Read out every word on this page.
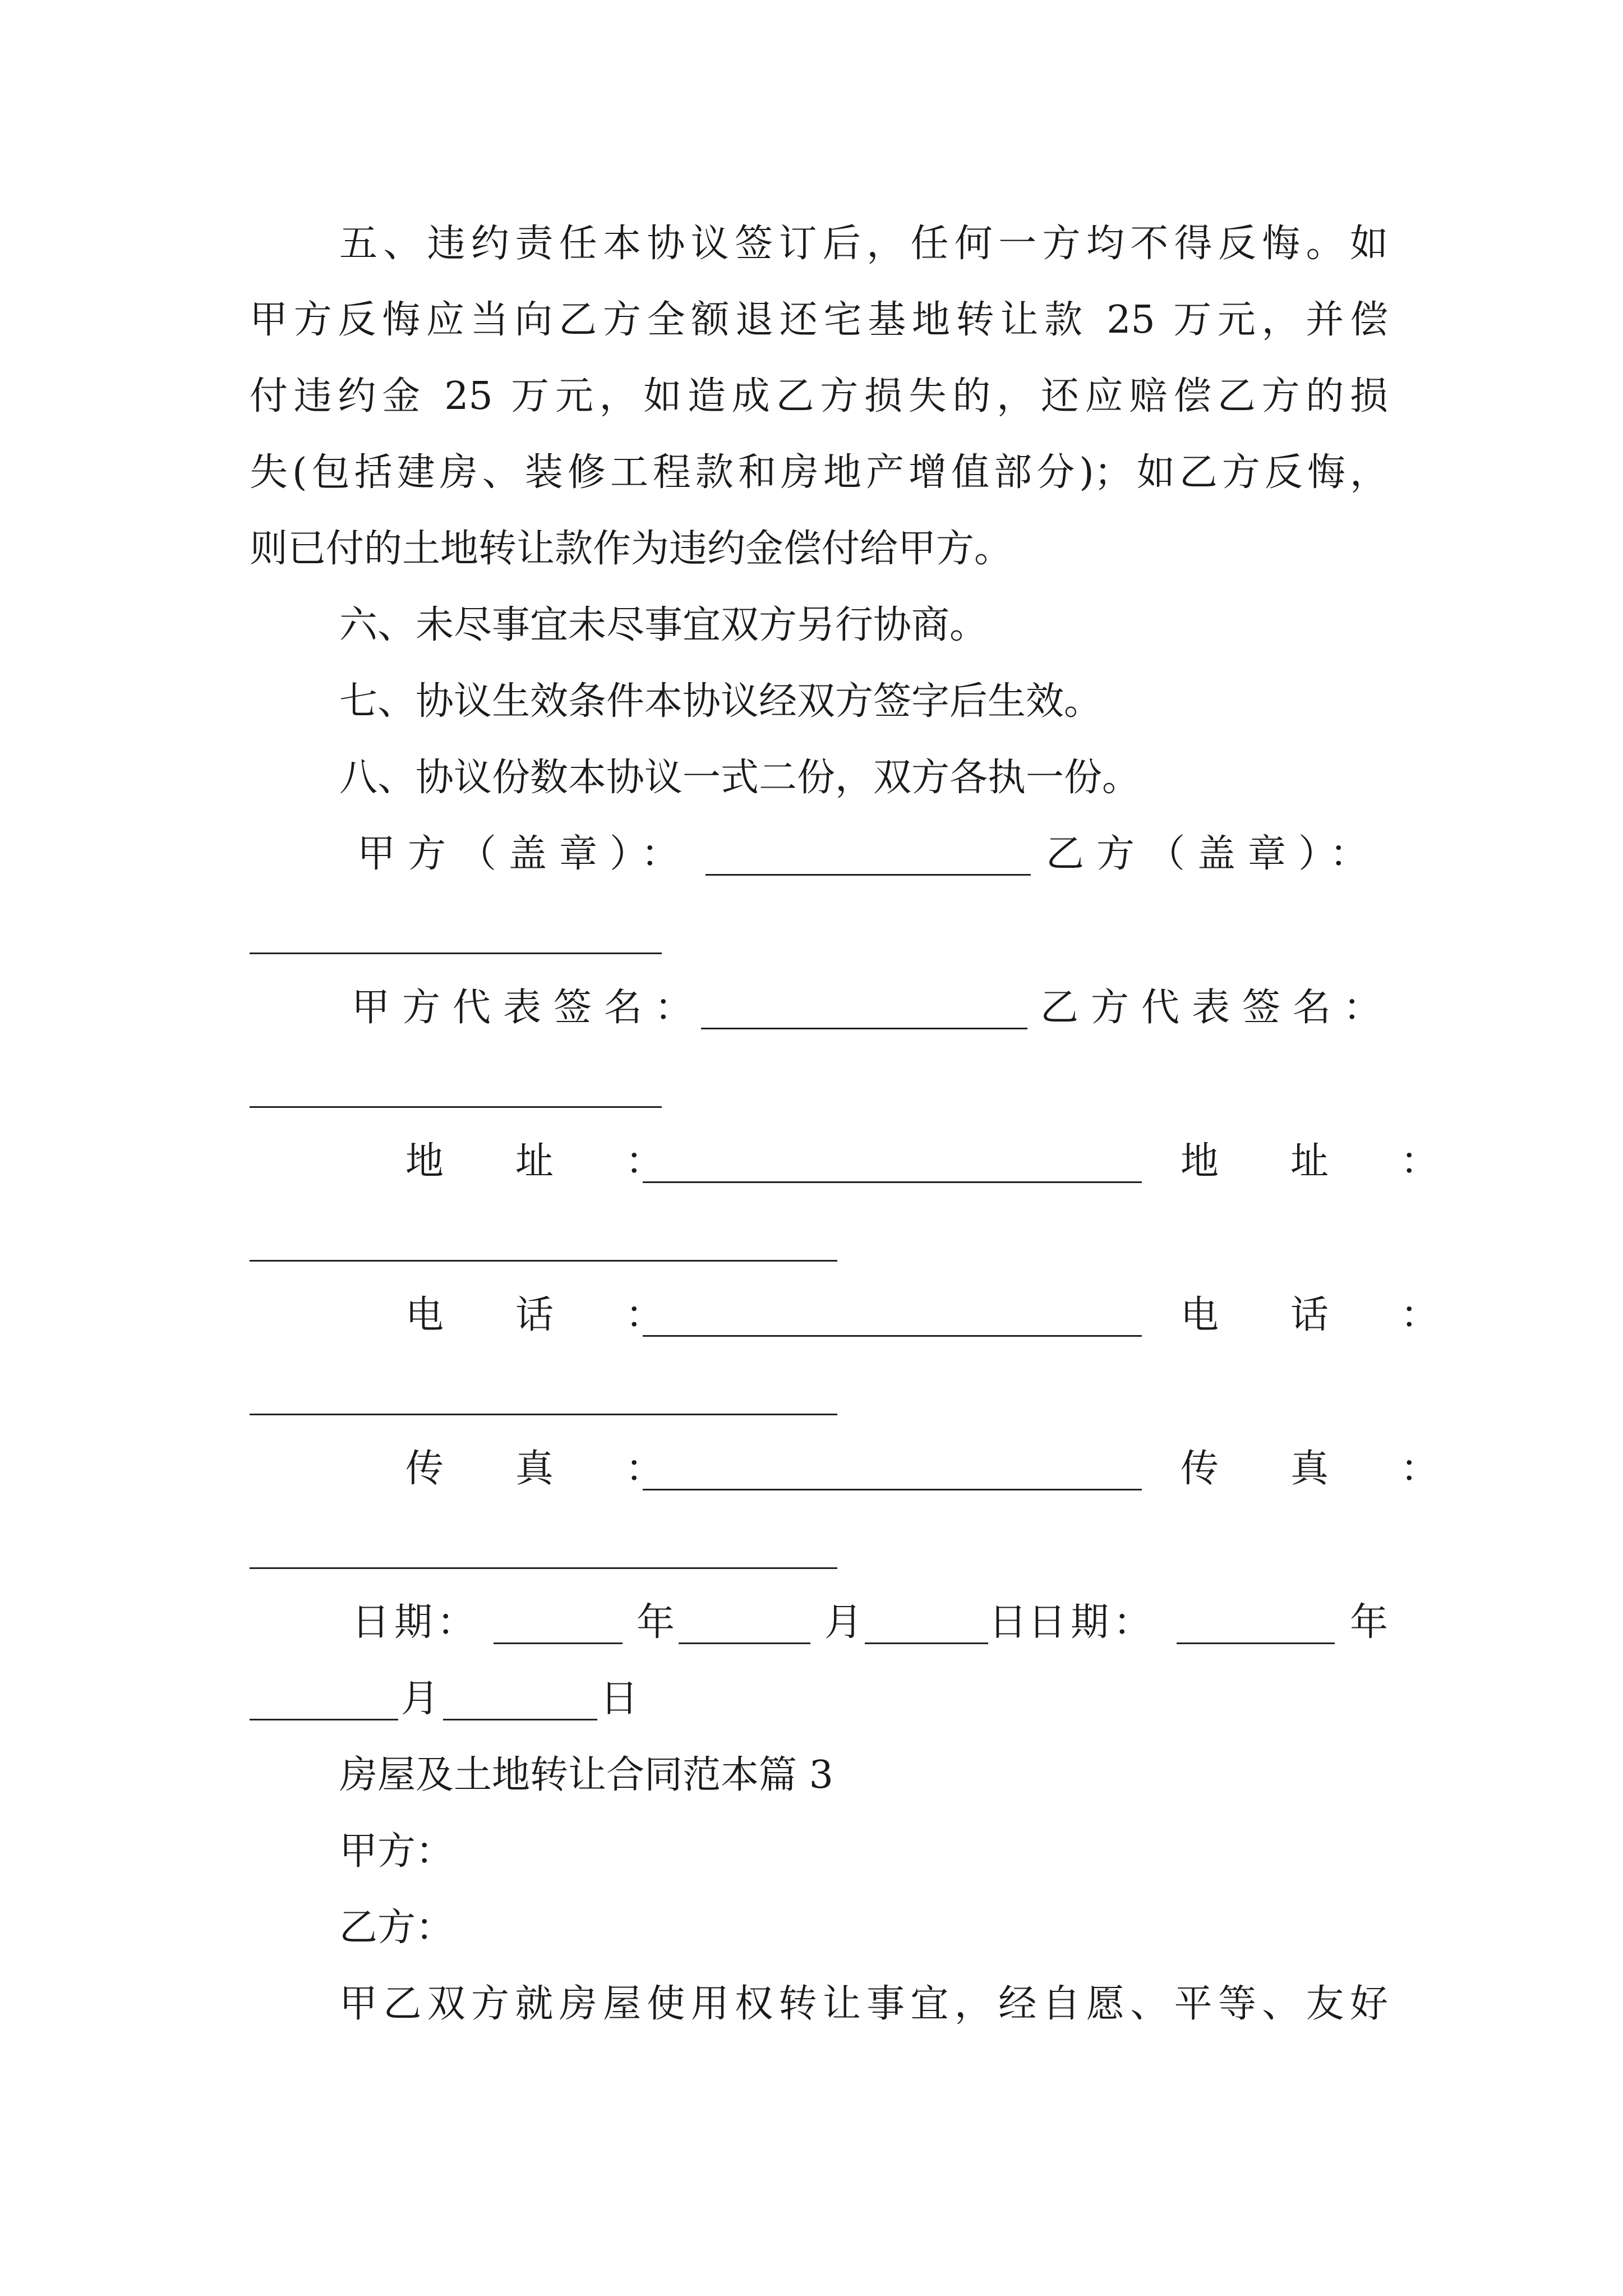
五、违约责任本协议签订后，任何一方均不得反悔。如
甲方反悔应当向乙方全额退还宅基地转让款 25 万元，并偿
付违约金 25 万元，如造成乙方损失的，还应赔偿乙方的损
失(包括建房、装修工程款和房地产增值部分)；如乙方反悔，
则已付的土地转让款作为违约金偿付给甲方。
六、未尽事宜未尽事宜双方另行协商。
七、协议生效条件本协议经双方签字后生效。
八、协议份数本协议一式二份，双方各执一份。
甲方（盖章）：	乙方（盖章）：
甲方代表签名：	乙方代表签名：
地　址　：	地　址　：
电　话　：	电　话　：
传　真　：	传　真　：
日期：	年	月	日 日期：	年
月	日
房屋及土地转让合同范本篇 3
甲方：
乙方：
甲乙双方就房屋使用权转让事宜，经自愿、平等、友好
